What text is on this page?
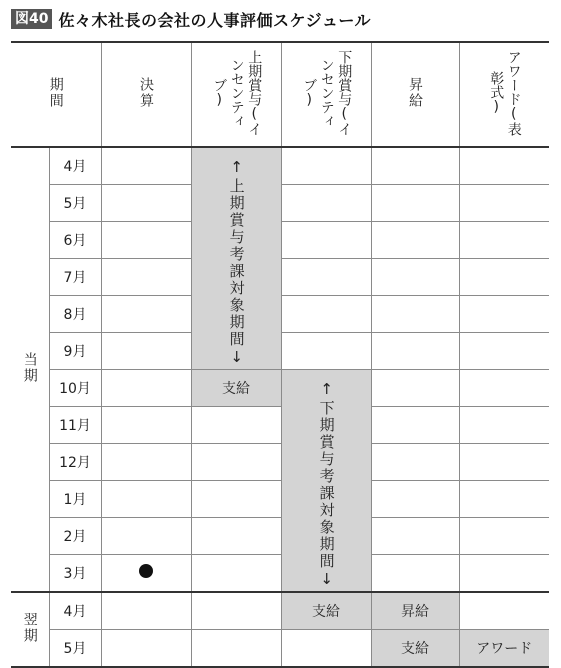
図40 佐々木社長の会社の人事評価スケジュール
期間		決算	上期賞与(インセンティブ)	下期賞与(インセンティブ)	昇給	アワード(表彰式)
当期	4月		↑上期賞与考課対象期間↓			
	5月					
	6月					
	7月					
	8月					
	9月					
	10月		支給	↑下期賞与考課対象期間↓		
	11月					
	12月					
	1月					
	2月					
	3月					
翌期	4月			支給	昇給	
	5月				支給	アワード
